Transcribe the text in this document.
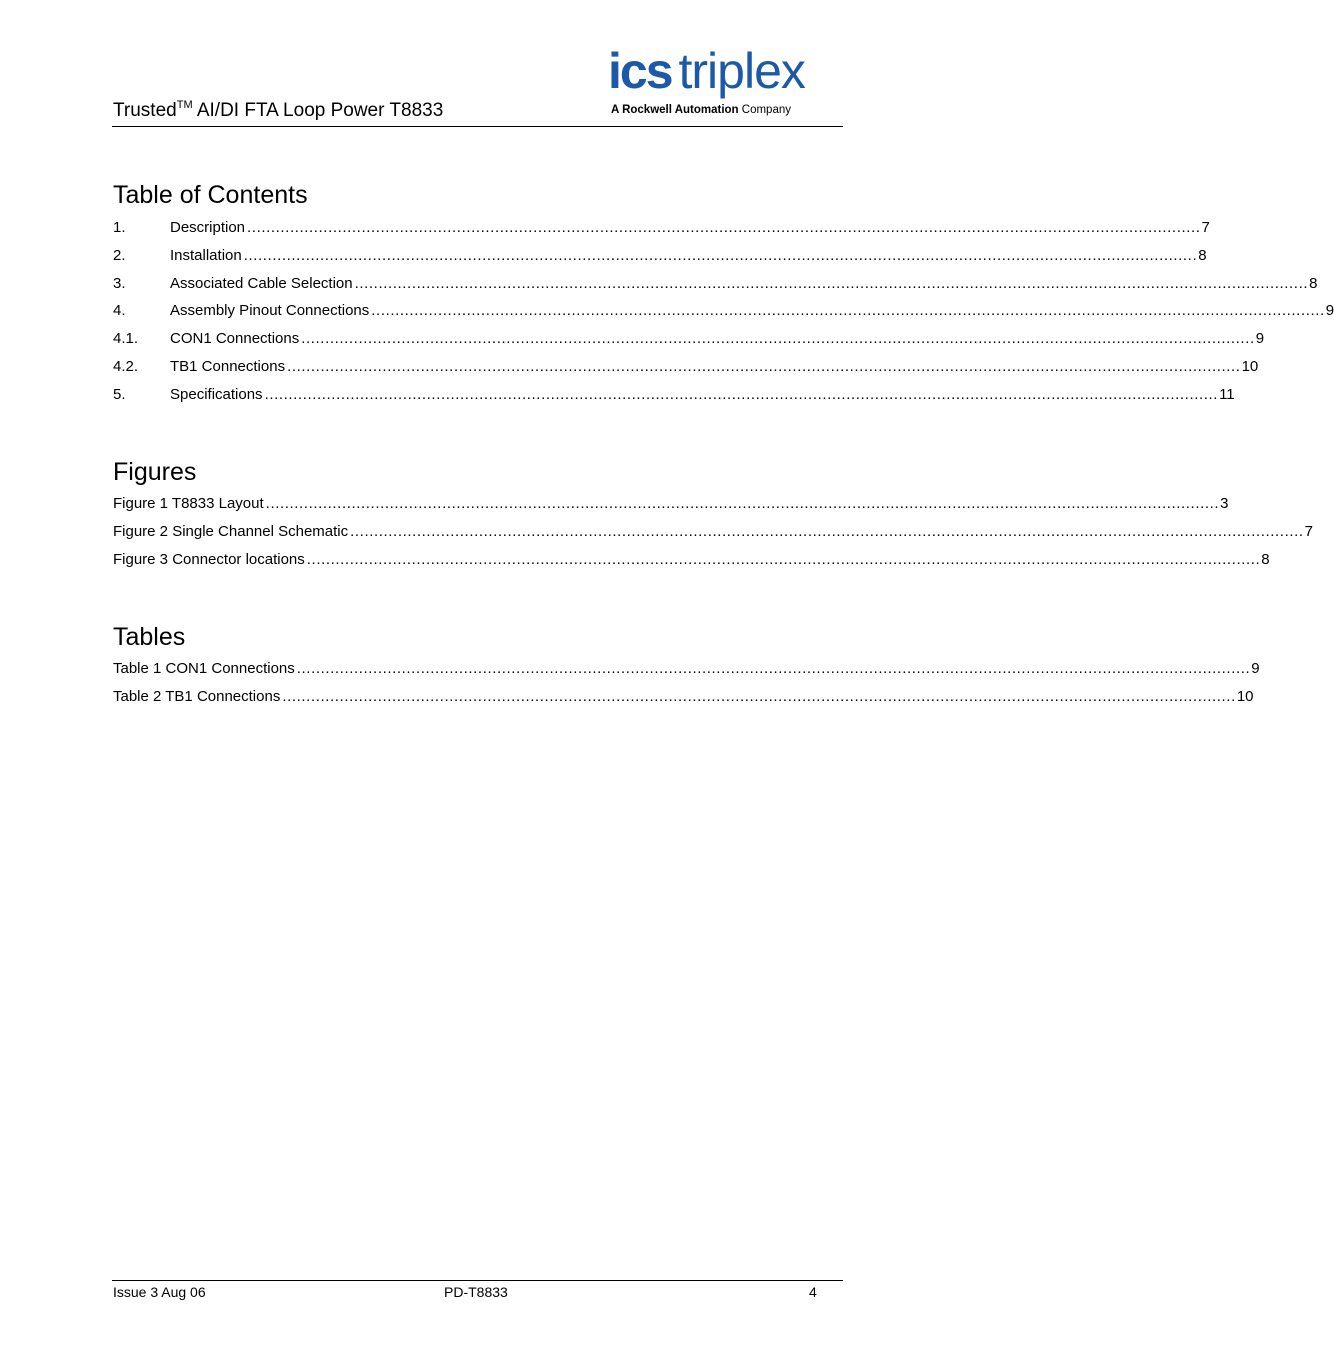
Trusted™ AI/DI FTA Loop Power T8833
ics triplex
A Rockwell Automation Company
Table of Contents
1.	Description ........................................................................................................................................................................................................ 7
2.	Installation ........................................................................................................................................................................................................ 8
3.	Associated Cable Selection ........................................................................................................................................................................................................ 8
4.	Assembly Pinout Connections ........................................................................................................................................................................................................ 9
4.1.	CON1 Connections ........................................................................................................................................................................................................ 9
4.2.	TB1 Connections ........................................................................................................................................................................................................ 10
5.	Specifications ........................................................................................................................................................................................................ 11
Figures
Figure 1 T8833 Layout ........................................................................................................................................................................................................ 3
Figure 2 Single Channel Schematic ........................................................................................................................................................................................................ 7
Figure 3 Connector locations ........................................................................................................................................................................................................ 8
Tables
Table 1 CON1 Connections ........................................................................................................................................................................................................ 9
Table 2 TB1 Connections ........................................................................................................................................................................................................ 10
Issue 3 Aug 06	PD-T8833	4
